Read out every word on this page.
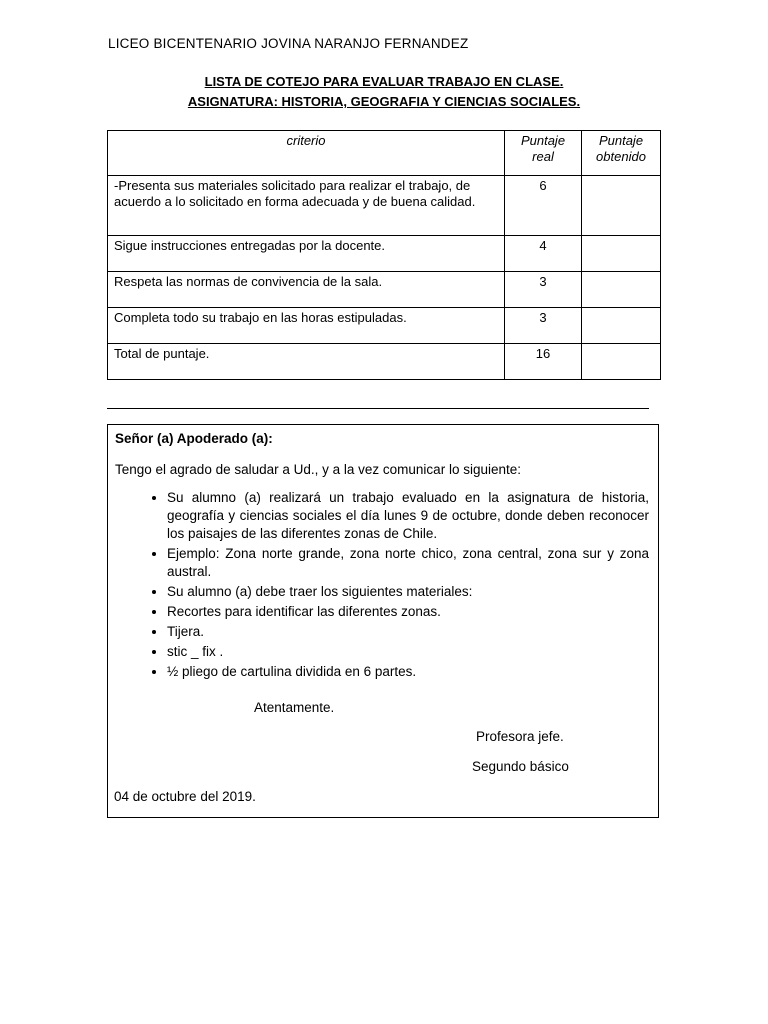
LICEO BICENTENARIO JOVINA NARANJO FERNANDEZ
LISTA DE COTEJO PARA EVALUAR TRABAJO EN CLASE.
ASIGNATURA: HISTORIA, GEOGRAFIA Y CIENCIAS SOCIALES.
criterio	Puntaje real	Puntaje obtenido
-Presenta sus materiales solicitado para realizar el trabajo, de acuerdo a lo solicitado en forma adecuada y de buena calidad.	6	
Sigue instrucciones entregadas por la docente.	4	
Respeta las normas de convivencia de la sala.	3	
Completa todo su trabajo en las horas estipuladas.	3	
Total de puntaje.	16	

Señor (a) Apoderado (a):

Tengo el agrado de saludar a Ud., y a la vez comunicar lo siguiente:

• Su alumno (a) realizará un trabajo evaluado en la asignatura de historia, geografía y ciencias sociales el día lunes 9 de octubre, donde deben reconocer los paisajes de las diferentes zonas de Chile.
• Ejemplo: Zona norte grande, zona norte chico, zona central, zona sur y zona austral.
• Su alumno (a) debe traer los siguientes materiales:
• Recortes para identificar las diferentes zonas.
• Tijera.
• stic _ fix .
• ½ pliego de cartulina dividida en 6 partes.
Atentamente.
Profesora jefe.
Segundo básico
04 de octubre del 2019.
